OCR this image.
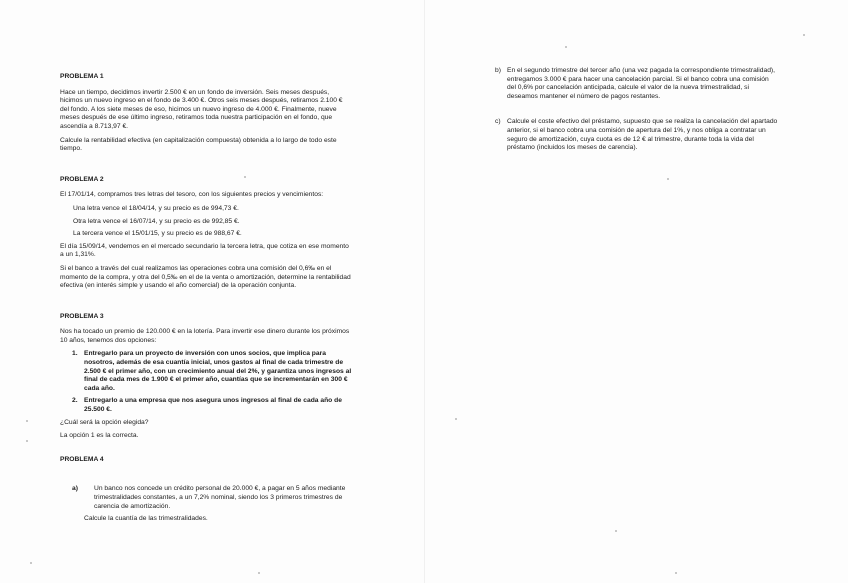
PROBLEMA 1

Hace un tiempo, decidimos invertir 2.500 € en un fondo de inversión. Seis meses después, hicimos un nuevo ingreso en el fondo de 3.400 €. Otros seis meses después, retiramos 2.100 € del fondo. A los siete meses de eso, hicimos un nuevo ingreso de 4.000 €. Finalmente, nueve meses después de ese último ingreso, retiramos toda nuestra participación en el fondo, que ascendía a 8.713,97 €.

Calcule la rentabilidad efectiva (en capitalización compuesta) obtenida a lo largo de todo este tiempo.

PROBLEMA 2

El 17/01/14, compramos tres letras del tesoro, con los siguientes precios y vencimientos:

Una letra vence el 18/04/14, y su precio es de 994,73 €.

Otra letra vence el 16/07/14, y su precio es de 992,85 €.

La tercera vence el 15/01/15, y su precio es de 988,67 €.

El día 15/09/14, vendemos en el mercado secundario la tercera letra, que cotiza en ese momento a un 1,31%.

Si el banco a través del cual realizamos las operaciones cobra una comisión del 0,6‰ en el momento de la compra, y otra del 0,5‰ en el de la venta o amortización, determine la rentabilidad efectiva (en interés simple y usando el año comercial) de la operación conjunta.

PROBLEMA 3

Nos ha tocado un premio de 120.000 € en la lotería. Para invertir ese dinero durante los próximos 10 años, tenemos dos opciones:

1. Entregarlo para un proyecto de inversión con unos socios, que implica para nosotros, además de esa cuantía inicial, unos gastos al final de cada trimestre de 2.500 € el primer año, con un crecimiento anual del 2%, y garantiza unos ingresos al final de cada mes de 1.900 € el primer año, cuantías que se incrementarán en 300 € cada año.
2. Entregarlo a una empresa que nos asegura unos ingresos al final de cada año de 25.500 €.

¿Cuál será la opción elegida?

La opción 1 es la correcta.

PROBLEMA 4

a)	Un banco nos concede un crédito personal de 20.000 €, a pagar en 5 años mediante trimestralidades constantes, a un 7,2% nominal, siendo los 3 primeros trimestres de carencia de amortización.

Calcule la cuantía de las trimestralidades.

b) En el segundo trimestre del tercer año (una vez pagada la correspondiente trimestralidad), entregamos 3.000 € para hacer una cancelación parcial. Si el banco cobra una comisión del 0,6% por cancelación anticipada, calcule el valor de la nueva trimestralidad, si deseamos mantener el número de pagos restantes.
c) Calcule el coste efectivo del préstamo, supuesto que se realiza la cancelación del apartado anterior, si el banco cobra una comisión de apertura del 1%, y nos obliga a contratar un seguro de amortización, cuya cuota es de 12 € al trimestre, durante toda la vida del préstamo (incluidos los meses de carencia).
